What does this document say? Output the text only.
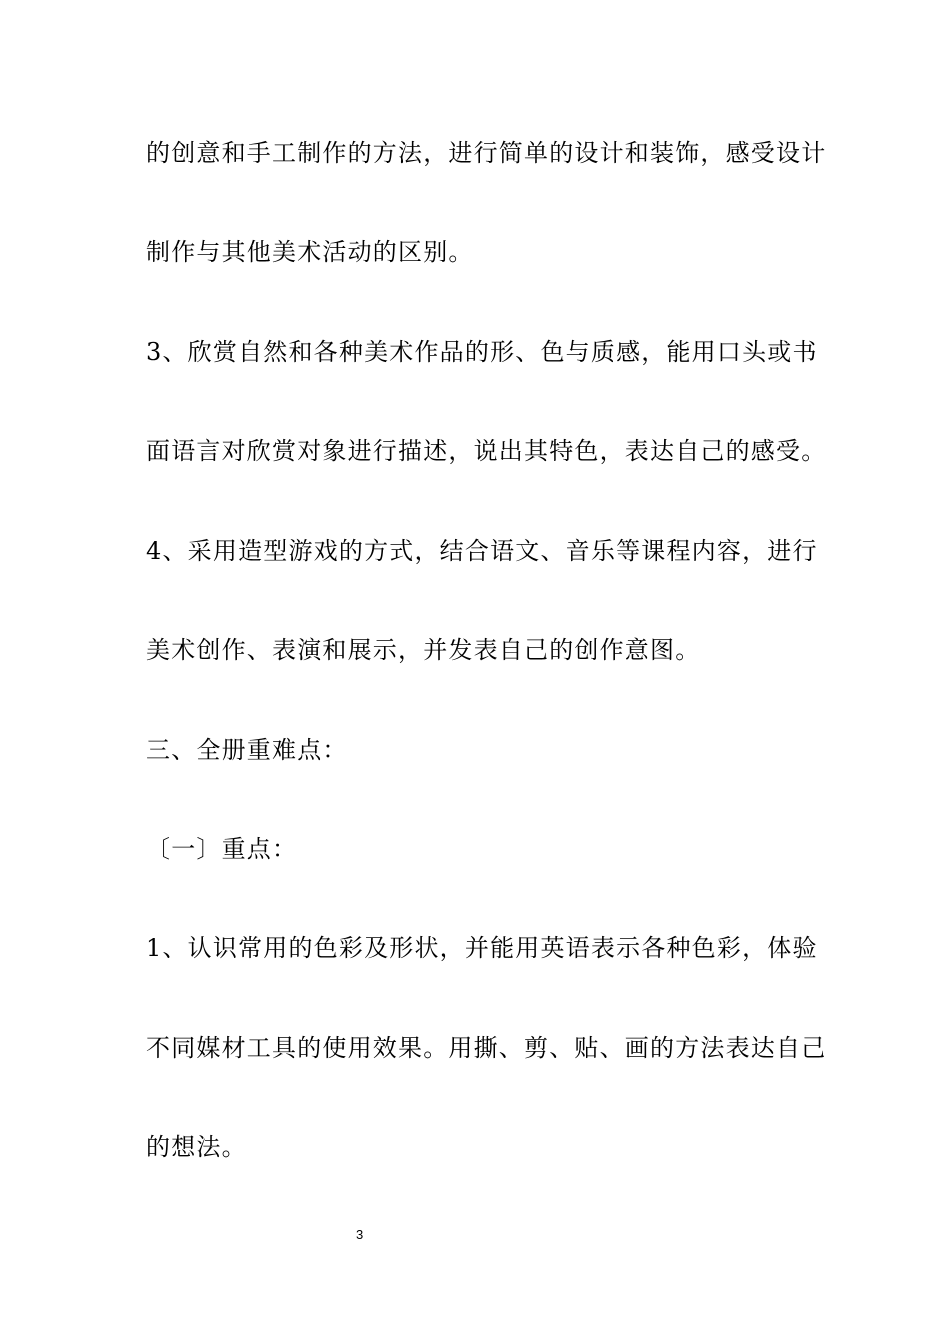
的创意和手工制作的方法，进行简单的设计和装饰，感受设计
制作与其他美术活动的区别。
3、欣赏自然和各种美术作品的形、色与质感，能用口头或书
面语言对欣赏对象进行描述，说出其特色，表达自己的感受。
4、采用造型游戏的方式，结合语文、音乐等课程内容，进行
美术创作、表演和展示，并发表自己的创作意图。
三、全册重难点：
〔一〕重点：
1、认识常用的色彩及形状，并能用英语表示各种色彩，体验
不同媒材工具的使用效果。用撕、剪、贴、画的方法表达自己
的想法。
3
